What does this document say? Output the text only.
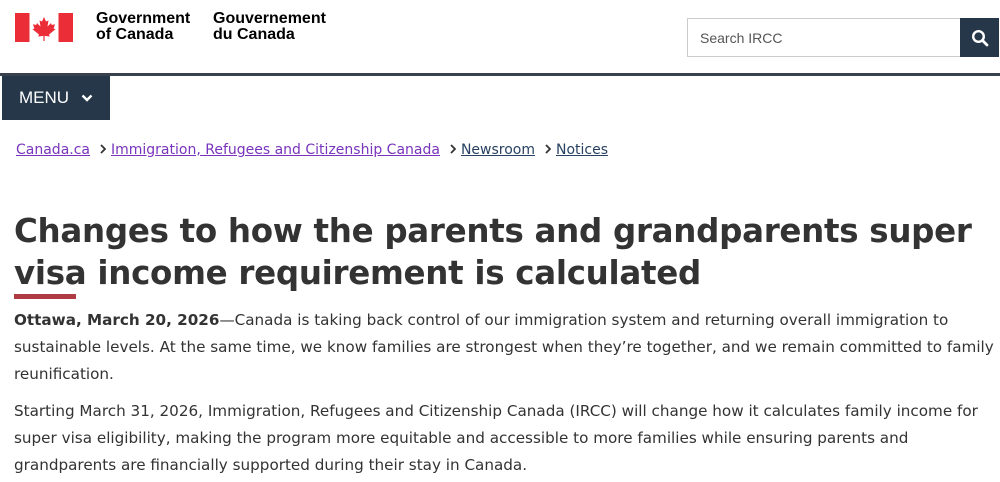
Government
of Canada
Gouvernement
du Canada
Search IRCC
MENU
Canada.ca Immigration, Refugees and Citizenship Canada Newsroom Notices
Changes to how the parents and grandparents super visa income requirement is calculated

Ottawa, March 20, 2026—Canada is taking back control of our immigration system and returning overall immigration to sustainable levels. At the same time, we know families are strongest when they’re together, and we remain committed to family reunification.

Starting March 31, 2026, Immigration, Refugees and Citizenship Canada (IRCC) will change how it calculates family income for super visa eligibility, making the program more equitable and accessible to more families while ensuring parents and grandparents are financially supported during their stay in Canada.
